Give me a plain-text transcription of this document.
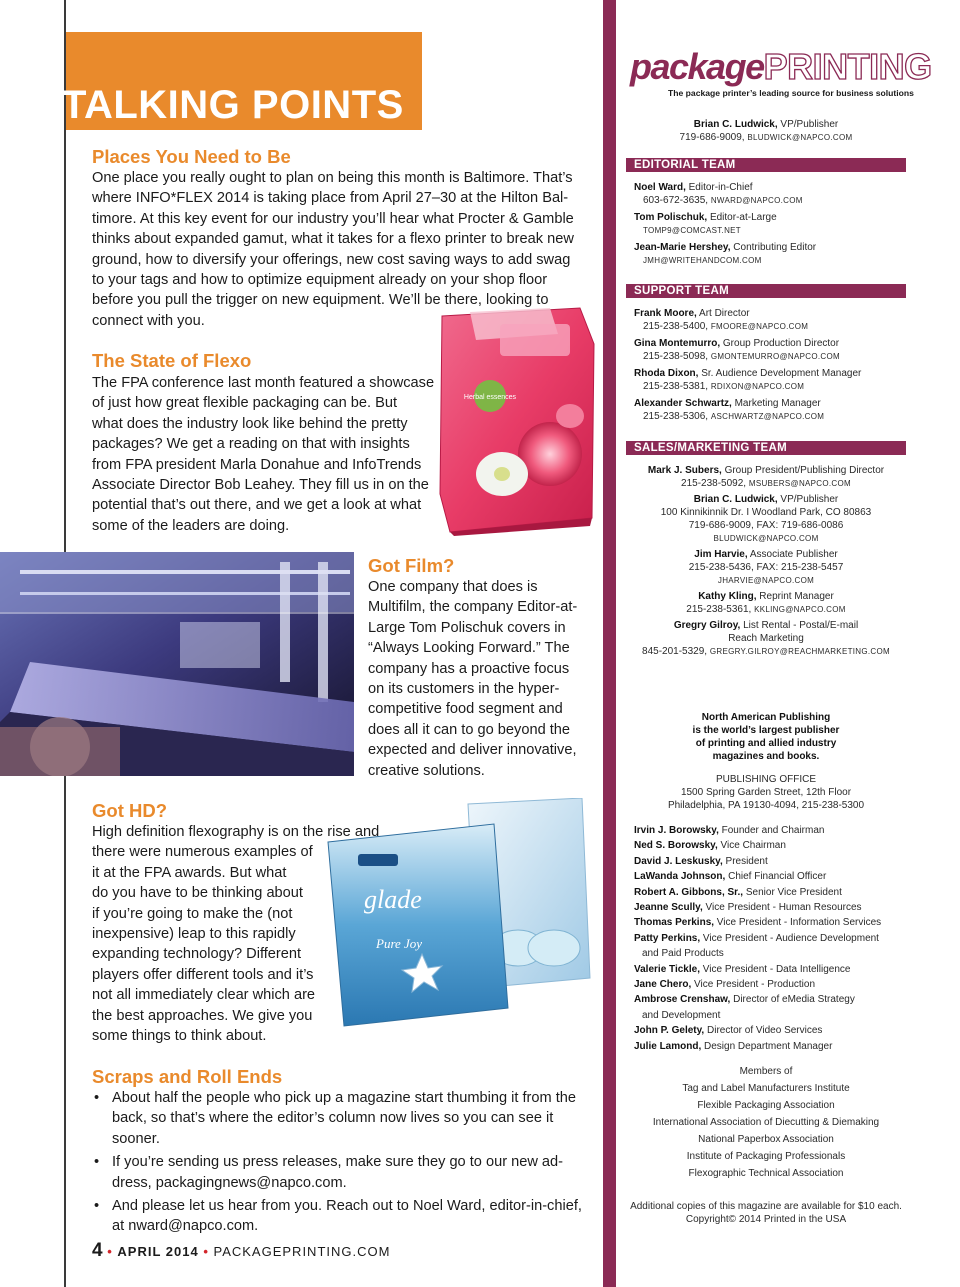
TALKING POINTS
Places You Need to Be
One place you really ought to plan on being this month is Baltimore. That’s
where INFO*FLEX 2014 is taking place from April 27–30 at the Hilton Bal-
timore. At this key event for our industry you’ll hear what Procter & Gamble
thinks about expanded gamut, what it takes for a flexo printer to break new
ground, how to diversify your offerings, new cost saving ways to add swag
to your tags and how to optimize equipment already on your shop floor
before you pull the trigger on new equipment. We’ll be there, looking to
connect with you.
Herbal essences
The State of Flexo
The FPA conference last month featured a showcase
of just how great flexible packaging can be. But
what does the industry look like behind the pretty
packages? We get a reading on that with insights
from FPA president Marla Donahue and InfoTrends
Associate Director Bob Leahey. They fill us in on the
potential that’s out there, and we get a look at what
some of the leaders are doing.
Got Film?
One company that does is
Multifilm, the company Editor-at-
Large Tom Polischuk covers in
“Always Looking Forward.” The
company has a proactive focus
on its customers in the hyper-
competitive food segment and
does all it can to go beyond the
expected and deliver innovative,
creative solutions.
Got HD?
High definition flexography is on the rise and
there were numerous examples of
it at the FPA awards. But what
do you have to be thinking about
if you’re going to make the (not
inexpensive) leap to this rapidly
expanding technology? Different
players offer different tools and it’s
not all immediately clear which are
the best approaches. We give you
some things to think about.
glade
Pure Joy
Scraps and Roll Ends
• About half the people who pick up a magazine start thumbing it from the
back, so that’s where the editor’s column now lives so you can see it
sooner.
• If you’re sending us press releases, make sure they go to our new ad-
dress, packagingnews@napco.com.
• And please let us hear from you. Reach out to Noel Ward, editor-in-chief,
at nward@napco.com.
4 • APRIL 2014 • PACKAGEPRINTING.COM
packagePRINTING
The package printer’s leading source for business solutions
Brian C. Ludwick, VP/Publisher
719-686-9009, BLUDWICK@NAPCO.COM
EDITORIAL TEAM
Noel Ward, Editor-in-Chief
603-672-3635, NWARD@NAPCO.COM
Tom Polischuk, Editor-at-Large
TOMP9@COMCAST.NET
Jean-Marie Hershey, Contributing Editor
JMH@WRITEHANDCOM.COM
SUPPORT TEAM
Frank Moore, Art Director
215-238-5400, FMOORE@NAPCO.COM
Gina Montemurro, Group Production Director
215-238-5098, GMONTEMURRO@NAPCO.COM
Rhoda Dixon, Sr. Audience Development Manager
215-238-5381, RDIXON@NAPCO.COM
Alexander Schwartz, Marketing Manager
215-238-5306, ASCHWARTZ@NAPCO.COM
SALES/MARKETING TEAM
Mark J. Subers, Group President/Publishing Director
215-238-5092, MSUBERS@NAPCO.COM
Brian C. Ludwick, VP/Publisher
100 Kinnikinnik Dr. I Woodland Park, CO 80863
719-686-9009, FAX: 719-686-0086
BLUDWICK@NAPCO.COM
Jim Harvie, Associate Publisher
215-238-5436, FAX: 215-238-5457
JHARVIE@NAPCO.COM
Kathy Kling, Reprint Manager
215-238-5361, KKLING@NAPCO.COM
Gregry Gilroy, List Rental - Postal/E-mail
Reach Marketing
845-201-5329, GREGRY.GILROY@REACHMARKETING.COM
North American Publishing
is the world’s largest publisher
of printing and allied industry
magazines and books.
PUBLISHING OFFICE
1500 Spring Garden Street, 12th Floor
Philadelphia, PA 19130-4094, 215-238-5300
Irvin J. Borowsky, Founder and Chairman
Ned S. Borowsky, Vice Chairman
David J. Leskusky, President
LaWanda Johnson, Chief Financial Officer
Robert A. Gibbons, Sr., Senior Vice President
Jeanne Scully, Vice President - Human Resources
Thomas Perkins, Vice President - Information Services
Patty Perkins, Vice President - Audience Development
and Paid Products
Valerie Tickle, Vice President - Data Intelligence
Jane Chero, Vice President - Production
Ambrose Crenshaw, Director of eMedia Strategy
and Development
John P. Gelety, Director of Video Services
Julie Lamond, Design Department Manager
Members of
Tag and Label Manufacturers Institute
Flexible Packaging Association
International Association of Diecutting & Diemaking
National Paperbox Association
Institute of Packaging Professionals
Flexographic Technical Association
Additional copies of this magazine are available for $10 each.
Copyright© 2014 Printed in the USA
